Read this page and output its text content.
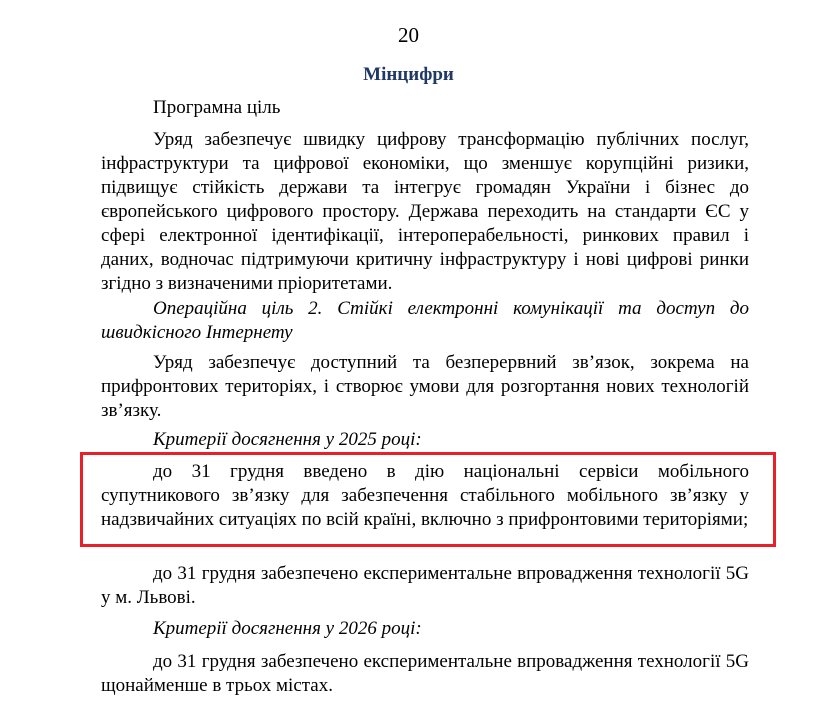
20
Мінцифри

Програмна ціль

Уряд забезпечує швидку цифрову трансформацію публічних послуг, інфраструктури та цифрової економіки, що зменшує корупційні ризики, підвищує стійкість держави та інтегрує громадян України і бізнес до європейського цифрового простору. Держава переходить на стандарти ЄС у сфері електронної ідентифікації, інтероперабельності, ринкових правил і даних, водночас підтримуючи критичну інфраструктуру і нові цифрові ринки згідно з визначеними пріоритетами.

Операційна ціль 2. Стійкі електронні комунікації та доступ до швидкісного Інтернету

Уряд забезпечує доступний та безперервний зв’язок, зокрема на прифронтових територіях, і створює умови для розгортання нових технологій зв’язку.

Критерії досягнення у 2025 році:

до 31 грудня введено в дію національні сервіси мобільного супутникового зв’язку для забезпечення стабільного мобільного зв’язку у надзвичайних ситуаціях по всій країні, включно з прифронтовими територіями;

до 31 грудня забезпечено експериментальне впровадження технології 5G у м. Львові.

Критерії досягнення у 2026 році:

до 31 грудня забезпечено експериментальне впровадження технології 5G щонайменше в трьох містах.
